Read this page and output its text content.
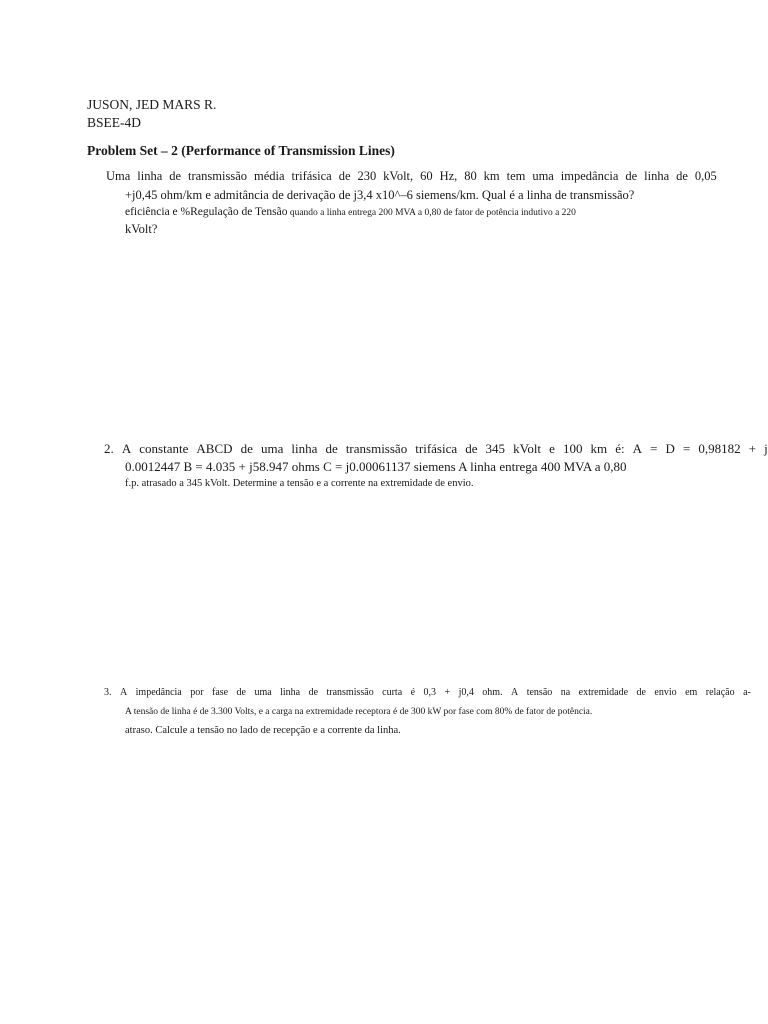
JUSON, JED MARS R.
BSEE-4D
Problem Set – 2 (Performance of Transmission Lines)
Uma linha de transmissão média trifásica de 230 kVolt, 60 Hz, 80 km tem uma impedância de linha de 0,05
+j0,45 ohm/km e admitância de derivação de j3,4 x10^–6 siemens/km. Qual é a linha de transmissão?
eficiência e %Regulação de Tensão quando a linha entrega 200 MVA a 0,80 de fator de potência indutivo a 220
kVolt?
2. A constante ABCD de uma linha de transmissão trifásica de 345 kVolt e 100 km é: A = D = 0,98182 + j
0.0012447 B = 4.035 + j58.947 ohms C = j0.00061137 siemens A linha entrega 400 MVA a 0,80
f.p. atrasado a 345 kVolt. Determine a tensão e a corrente na extremidade de envio.
3. A impedância por fase de uma linha de transmissão curta é 0,3 + j0,4 ohm. A tensão na extremidade de envio em relação a-
A tensão de linha é de 3.300 Volts, e a carga na extremidade receptora é de 300 kW por fase com 80% de fator de potência.
atraso. Calcule a tensão no lado de recepção e a corrente da linha.
